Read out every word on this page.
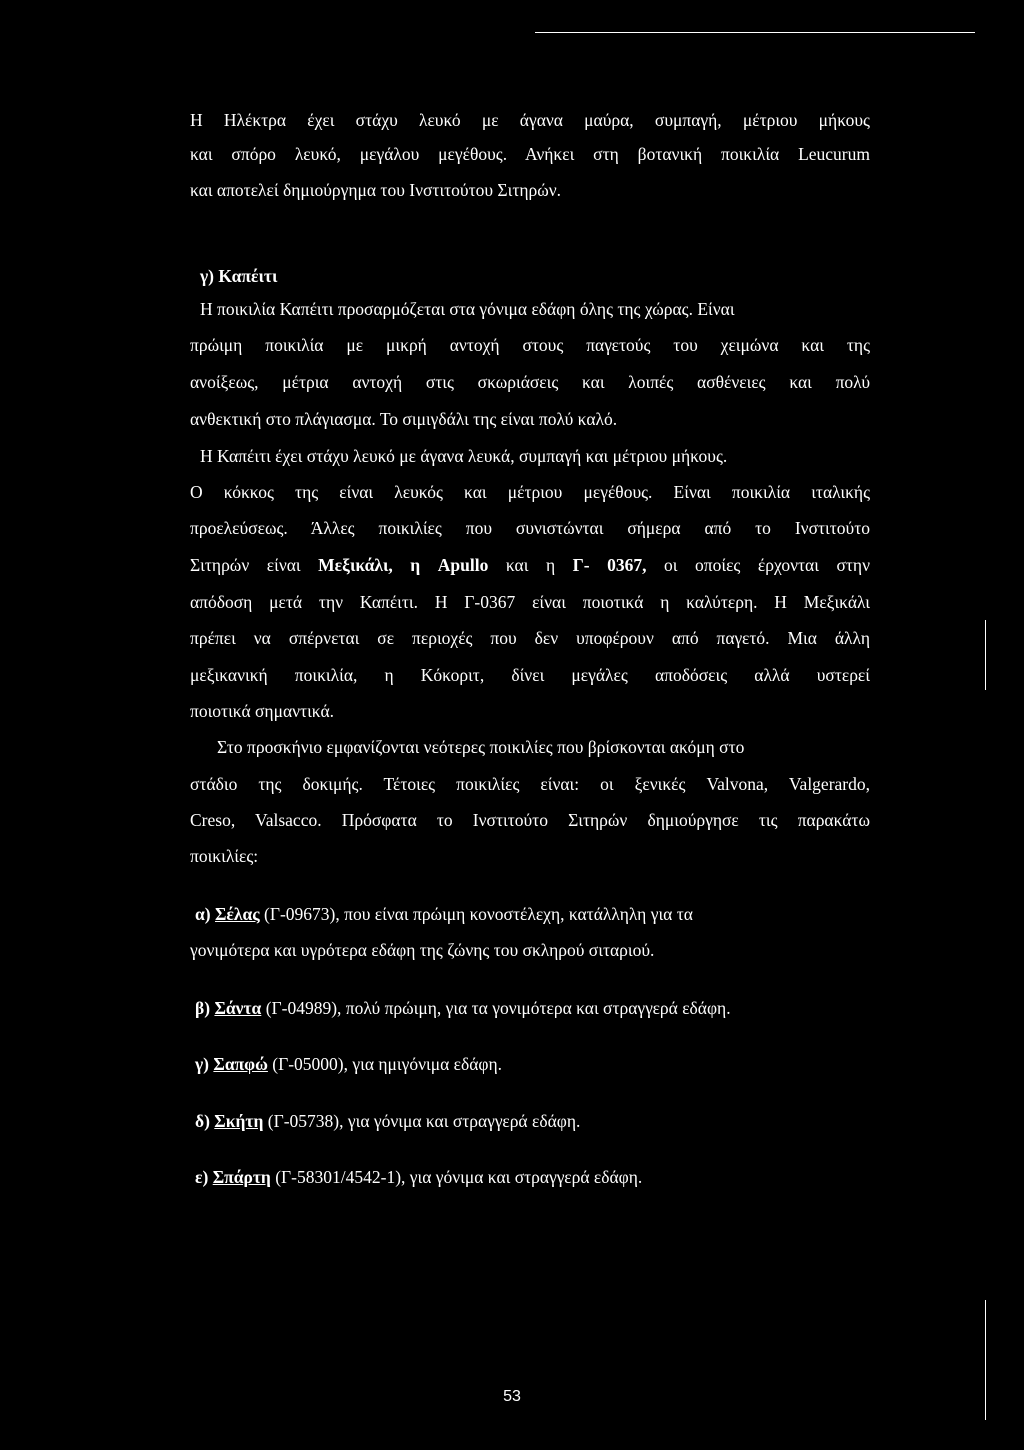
Η Ηλέκτρα έχει στάχυ λευκό με άγανα μαύρα, συμπαγή, μέτριου μήκους
και σπόρο λευκό, μεγάλου μεγέθους. Ανήκει στη βοτανική ποικιλία Leucurum
και αποτελεί δημιούργημα του Ινστιτούτου Σιτηρών.
γ) Καπέιτι
Η ποικιλία Καπέιτι προσαρμόζεται στα γόνιμα εδάφη όλης της χώρας. Είναι
πρώιμη ποικιλία με μικρή αντοχή στους παγετούς του χειμώνα και της
ανοίξεως, μέτρια αντοχή στις σκωριάσεις και λοιπές ασθένειες και πολύ
ανθεκτική στο πλάγιασμα. Το σιμιγδάλι της είναι πολύ καλό.
Η Καπέιτι έχει στάχυ λευκό με άγανα λευκά, συμπαγή και μέτριου μήκους.
Ο κόκκος της είναι λευκός και μέτριου μεγέθους. Είναι ποικιλία ιταλικής
προελεύσεως. Άλλες ποικιλίες που συνιστώνται σήμερα από το Ινστιτούτο
Σιτηρών είναι Μεξικάλι, η Apullo και η Γ- 0367, οι οποίες έρχονται στην
απόδοση μετά την Καπέιτι. Η Γ-0367 είναι ποιοτικά η καλύτερη. Η Μεξικάλι
πρέπει να σπέρνεται σε περιοχές που δεν υποφέρουν από παγετό. Μια άλλη
μεξικανική ποικιλία, η Κόκοριτ, δίνει μεγάλες αποδόσεις αλλά υστερεί
ποιοτικά σημαντικά.
Στο προσκήνιο εμφανίζονται νεότερες ποικιλίες που βρίσκονται ακόμη στο
στάδιο της δοκιμής. Τέτοιες ποικιλίες είναι: οι ξενικές Valvona, Valgerardo,
Creso, Valsacco. Πρόσφατα το Ινστιτούτο Σιτηρών δημιούργησε τις παρακάτω
ποικιλίες:
α) Σέλας (Γ-09673), που είναι πρώιμη κονοστέλεχη, κατάλληλη για τα
γονιμότερα και υγρότερα εδάφη της ζώνης του σκληρού σιταριού.
β) Σάντα (Γ-04989), πολύ πρώιμη, για τα γονιμότερα και στραγγερά εδάφη.
γ) Σαπφώ (Γ-05000), για ημιγόνιμα εδάφη.
δ) Σκήτη (Γ-05738), για γόνιμα και στραγγερά εδάφη.
ε) Σπάρτη (Γ-58301/4542-1), για γόνιμα και στραγγερά εδάφη.
53
